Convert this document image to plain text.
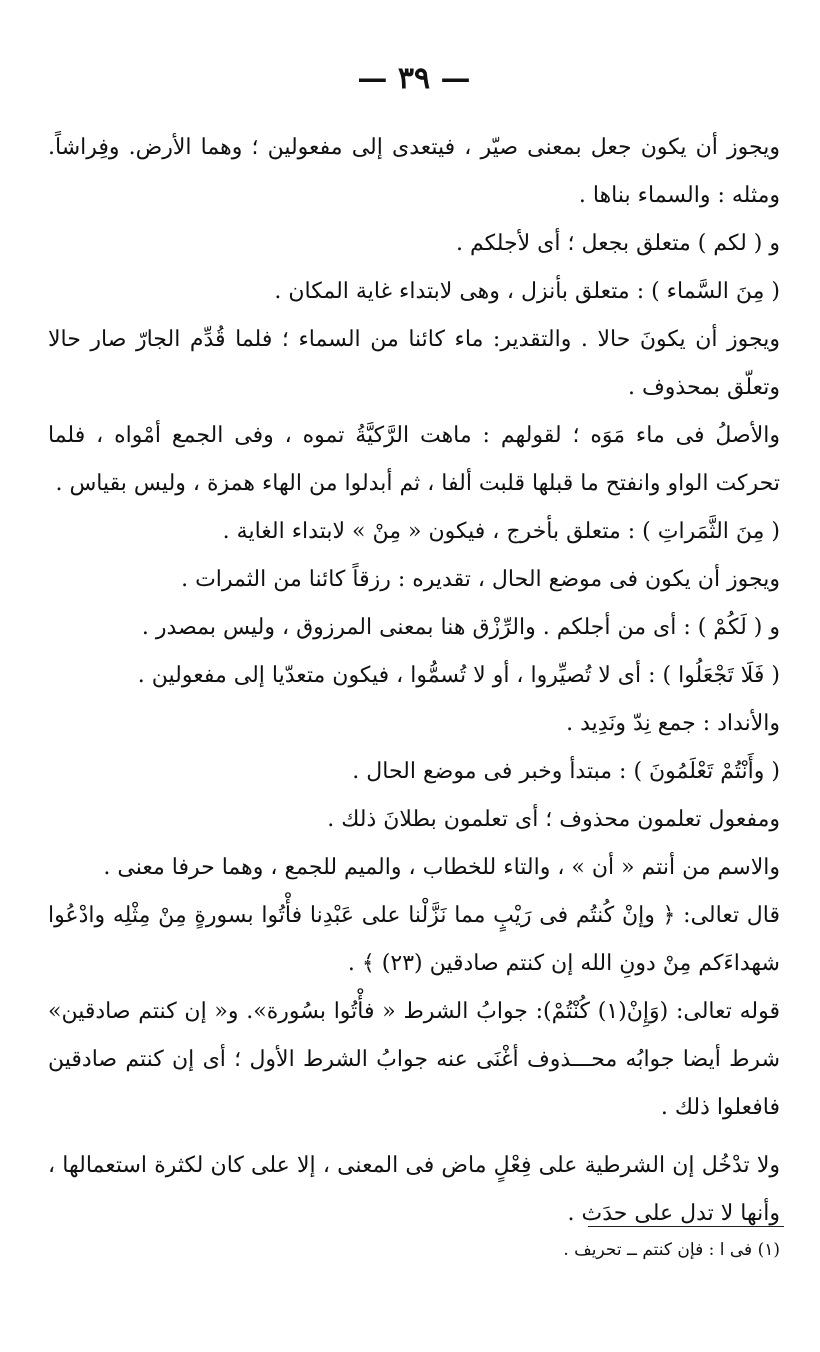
— ٣٩ —

ويجوز أن يكون جعل بمعنى صيّر ، فيتعدى إلى مفعولين ؛ وهما الأرض. وفِراشاً. ومثله : والسماء بناها .

و ( لكم ) متعلق بجعل ؛ أى لأجلكم .

( مِنَ السَّماء ) : متعلق بأنزل ، وهى لابتداء غاية المكان .

ويجوز أن يكونَ حالا . والتقدير: ماء كائنا من السماء ؛ فلما قُدِّم الجارّ صار حالا وتعلّق بمحذوف .

والأصلُ فى ماء مَوَه ؛ لقولهم : ماهت الرَّكيَّةُ تموه ، وفى الجمع أمْواه ، فلما تحركت الواو وانفتح ما قبلها قلبت ألفا ، ثم أبدلوا من الهاء همزة ، وليس بقياس .

( مِنَ الثَّمَراتِ ) : متعلق بأخرج ، فيكون « مِنْ » لابتداء الغاية .

ويجوز أن يكون فى موضع الحال ، تقديره : رزقاً كائنا من الثمرات .

و ( لَكُمْ ) : أى من أجلكم . والرِّزْق هنا بمعنى المرزوق ، وليس بمصدر .

( فَلَا تَجْعَلُوا ) : أى لا تُصيِّروا ، أو لا تُسمُّوا ، فيكون متعدّيا إلى مفعولين .

والأنداد : جمع نِدّ ونَدِيد .

( وأَنْتُمْ تَعْلَمُونَ ) : مبتدأ وخبر فى موضع الحال .

ومفعول تعلمون محذوف ؛ أى تعلمون بطلانَ ذلك .

والاسم من أنتم « أن » ، والتاء للخطاب ، والميم للجمع ، وهما حرفا معنى .

قال تعالى: ﴿ وإنْ كُنتُم فى رَيْبٍ مما نَزَّلْنا على عَبْدِنا فأْتُوا بسورةٍ مِنْ مِثْلِه وادْعُوا شهداءَكم مِنْ دونِ الله إن كنتم صادقين (٢٣) ﴾ .

قوله تعالى: (وَإِنْ(١) كُنْتُمْ): جوابُ الشرط « فأْتُوا بسُورة». و« إن كنتم صادقين» شرط أيضا جوابُه محـــذوف أغْنَى عنه جوابُ الشرط الأول ؛ أى إن كنتم صادقين فافعلوا ذلك .

ولا تدْخُل إن الشرطية على فِعْلٍ ماض فى المعنى ، إلا على كان لكثرة استعمالها ، وأنها لا تدل على حدَث .

(١) فى ا : فإن كنتم ــ تحريف .
